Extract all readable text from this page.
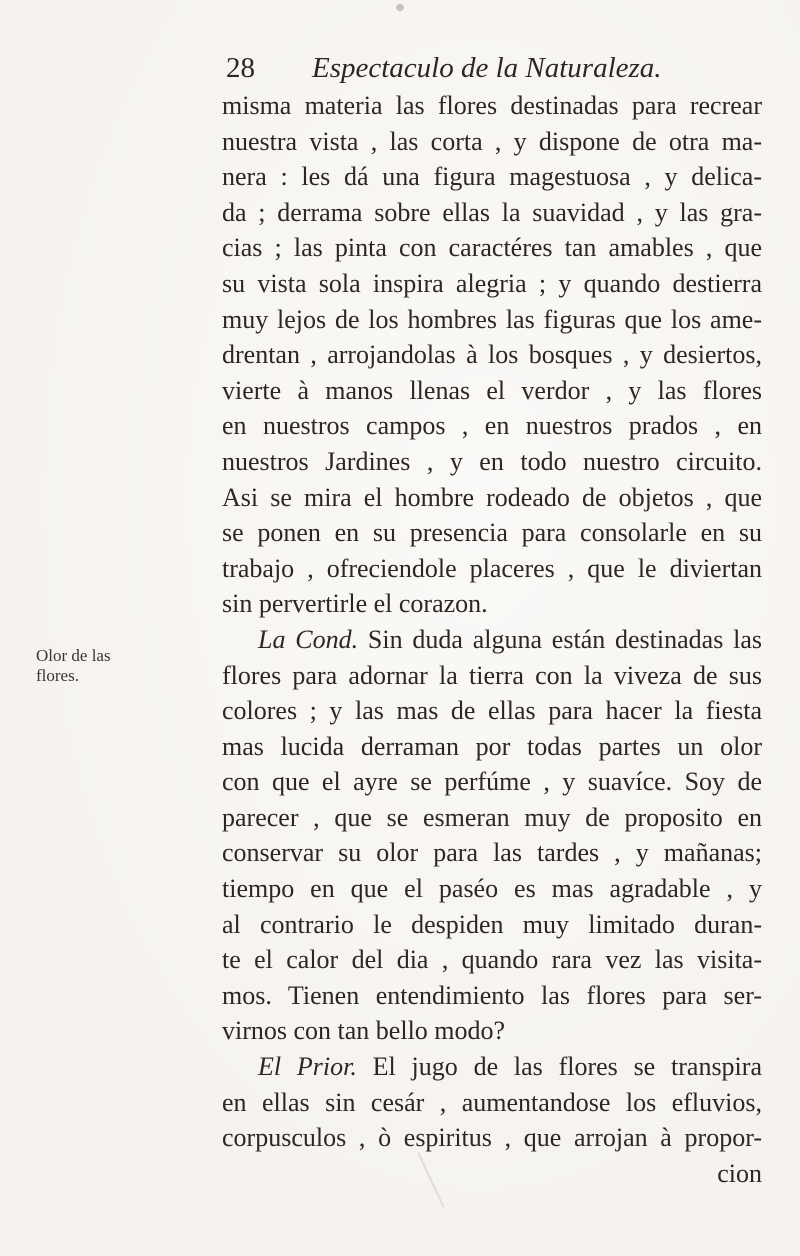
28 Espectaculo de la Naturaleza.
Olor de las
flores.
misma materia las flores destinadas para recrear
nuestra vista , las corta , y dispone de otra ma-
nera : les dá una figura magestuosa , y delica-
da ; derrama sobre ellas la suavidad , y las gra-
cias ; las pinta con caractéres tan amables , que
su vista sola inspira alegria ; y quando destierra
muy lejos de los hombres las figuras que los ame-
drentan , arrojandolas à los bosques , y desiertos,
vierte à manos llenas el verdor , y las flores
en nuestros campos , en nuestros prados , en
nuestros Jardines , y en todo nuestro circuito.
Asi se mira el hombre rodeado de objetos , que
se ponen en su presencia para consolarle en su
trabajo , ofreciendole placeres , que le diviertan
sin pervertirle el corazon.
La Cond. Sin duda alguna están destinadas las
flores para adornar la tierra con la viveza de sus
colores ; y las mas de ellas para hacer la fiesta
mas lucida derraman por todas partes un olor
con que el ayre se perfúme , y suavíce. Soy de
parecer , que se esmeran muy de proposito en
conservar su olor para las tardes , y mañanas;
tiempo en que el paséo es mas agradable , y
al contrario le despiden muy limitado duran-
te el calor del dia , quando rara vez las visita-
mos. Tienen entendimiento las flores para ser-
virnos con tan bello modo?
El Prior. El jugo de las flores se transpira
en ellas sin cesár , aumentandose los efluvios,
corpusculos , ò espiritus , que arrojan à propor-
cion
